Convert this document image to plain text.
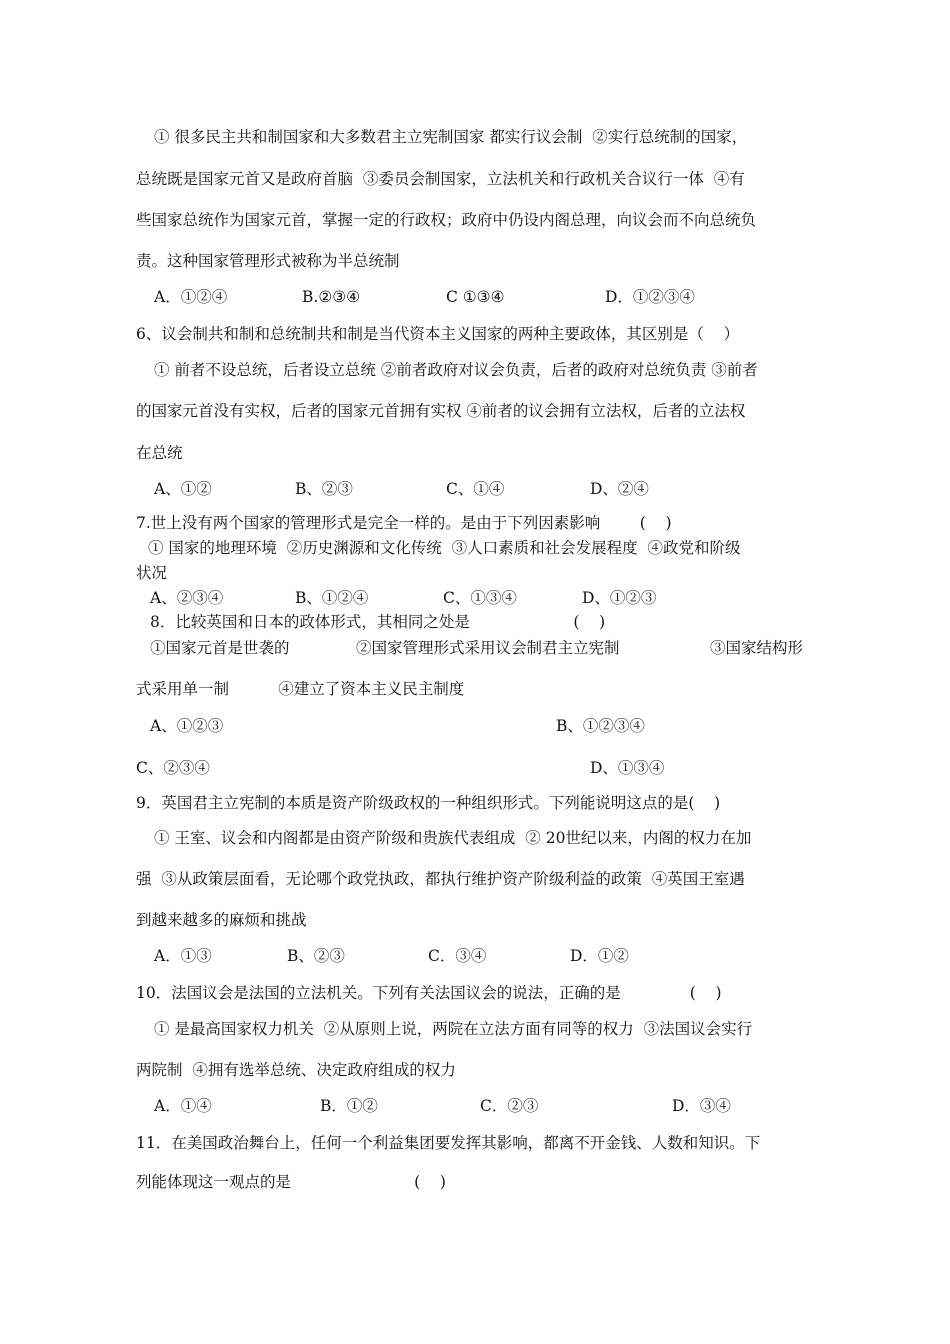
① 很多民主共和制国家和大多数君主立宪制国家 都实行议会制  ②实行总统制的国家，
总统既是国家元首又是政府首脑  ③委员会制国家，立法机关和行政机关合议行一体  ④有
些国家总统作为国家元首，掌握一定的行政权；政府中仍设内阁总理，向议会而不向总统负
责。这种国家管理形式被称为半总统制
A．①②④	B.②③④	C ①③④	D．①②③④
6、议会制共和制和总统制共和制是当代资本主义国家的两种主要政体，其区别是（    ）
① 前者不设总统，后者设立总统 ②前者政府对议会负责，后者的政府对总统负责 ③前者
的国家元首没有实权，后者的国家元首拥有实权 ④前者的议会拥有立法权，后者的立法权
在总统
A、①②	B、②③	C、①④	D、②④
7.世上没有两个国家的管理形式是完全一样的。是由于下列因素影响        (    )
① 国家的地理环境  ②历史渊源和文化传统  ③人口素质和社会发展程度  ④政党和阶级
状况
A、②③④	B、①②④	C、①③④	D、①②③
8．比较英国和日本的政体形式，其相同之处是                     (    )
①国家元首是世袭的	②国家管理形式采用议会制君主立宪制	③国家结构形
式采用单一制          ④建立了资本主义民主制度
A、①②③	B、①②③④
C、②③④	D、①③④
9．英国君主立宪制的本质是资产阶级政权的一种组织形式。下列能说明这点的是(    )
① 王室、议会和内阁都是由资产阶级和贵族代表组成  ② 20世纪以来，内阁的权力在加
强  ③从政策层面看，无论哪个政党执政，都执行维护资产阶级利益的政策  ④英国王室遇
到越来越多的麻烦和挑战
A．①③	B、②③	C．③④	D．①②
10．法国议会是法国的立法机关。下列有关法国议会的说法，正确的是              (    )
① 是最高国家权力机关  ②从原则上说，两院在立法方面有同等的权力  ③法国议会实行
两院制  ④拥有选举总统、决定政府组成的权力
A．①④	B．①②	C．②③	D．③④
11．在美国政治舞台上，任何一个利益集团要发挥其影响，都离不开金钱、人数和知识。下
列能体现这一观点的是                         (    )
